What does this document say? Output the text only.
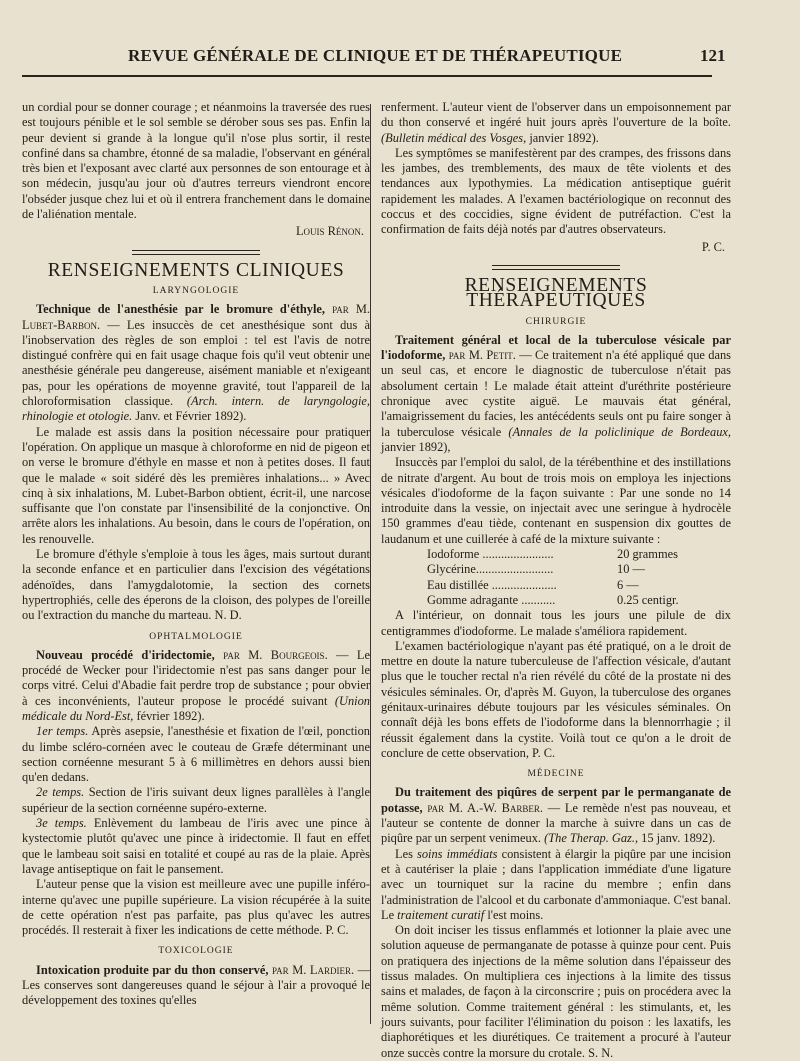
REVUE GÉNÉRALE DE CLINIQUE ET DE THÉRAPEUTIQUE	121

un cordial pour se donner courage ; et néanmoins la traversée des rues est toujours pénible et le sol semble se dérober sous ses pas. Enfin la peur devient si grande à la longue qu'il n'ose plus sortir, il reste confiné dans sa chambre, étonné de sa maladie, l'observant en général très bien et l'exposant avec clarté aux personnes de son entourage et à son médecin, jusqu'au jour où d'autres terreurs viendront encore l'obséder jusque chez lui et où il entrera franchement dans le domaine de l'aliénation mentale.

Louis Rénon.
RENSEIGNEMENTS CLINIQUES
LARYNGOLOGIE

Technique de l'anesthésie par le bromure d'éthyle, par M. Lubet-Barbon. — Les insuccès de cet anesthésique sont dus à l'inobservation des règles de son emploi : tel est l'avis de notre distingué confrère qui en fait usage chaque fois qu'il veut obtenir une anesthésie générale peu dangereuse, aisément maniable et n'exigeant pas, pour les opérations de moyenne gravité, tout l'appareil de la chloroformisation classique. (Arch. intern. de laryngologie, rhinologie et otologie. Janv. et Février 1892).

Le malade est assis dans la position nécessaire pour pratiquer l'opération. On applique un masque à chloroforme en nid de pigeon et on verse le bromure d'éthyle en masse et non à petites doses. Il faut que le malade « soit sidéré dès les premières inhalations... » Avec cinq à six inhalations, M. Lubet-Barbon obtient, écrit-il, une narcose suffisante que l'on constate par l'insensibilité de la conjonctive. On arrête alors les inhalations. Au besoin, dans le cours de l'opération, on les renouvelle.

Le bromure d'éthyle s'emploie à tous les âges, mais surtout durant la seconde enfance et en particulier dans l'excision des végétations adénoïdes, dans l'amygdalotomie, la section des cornets hypertrophiés, celle des éperons de la cloison, des polypes de l'oreille ou l'extraction du manche du marteau. N. D.

OPHTALMOLOGIE

Nouveau procédé d'iridectomie, par M. Bourgeois. — Le procédé de Wecker pour l'iridectomie n'est pas sans danger pour le corps vitré. Celui d'Abadie fait perdre trop de substance ; pour obvier à ces inconvénients, l'auteur propose le procédé suivant (Union médicale du Nord-Est, février 1892).

1er temps. Après asepsie, l'anesthésie et fixation de l'œil, ponction du limbe scléro-cornéen avec le couteau de Græfe déterminant une section cornéenne mesurant 5 à 6 millimètres en dehors aussi bien qu'en dedans.

2e temps. Section de l'iris suivant deux lignes parallèles à l'angle supérieur de la section cornéenne supéro-externe.

3e temps. Enlèvement du lambeau de l'iris avec une pince à kystectomie plutôt qu'avec une pince à iridectomie. Il faut en effet que le lambeau soit saisi en totalité et coupé au ras de la plaie. Après lavage antiseptique on fait le pansement.

L'auteur pense que la vision est meilleure avec une pupille inféro-interne qu'avec une pupille supérieure. La vision récupérée à la suite de cette opération n'est pas parfaite, pas plus qu'avec les autres procédés. Il resterait à fixer les indications de cette méthode. P. C.

TOXICOLOGIE

Intoxication produite par du thon conservé, par M. Lardier. — Les conserves sont dangereuses quand le séjour à l'air a provoqué le développement des toxines qu'elles

renferment. L'auteur vient de l'observer dans un empoisonnement par du thon conservé et ingéré huit jours après l'ouverture de la boîte. (Bulletin médical des Vosges, janvier 1892).

Les symptômes se manifestèrent par des crampes, des frissons dans les jambes, des tremblements, des maux de tête violents et des tendances aux lypothymies. La médication antiseptique guérit rapidement les malades. A l'examen bactériologique on reconnut des coccus et des coccidies, signe évident de putréfaction. C'est la confirmation de faits déjà notés par d'autres observateurs.

P. C.
RENSEIGNEMENTS THÉRAPEUTIQUES
CHIRURGIE

Traitement général et local de la tuberculose vésicale par l'iodoforme, par M. Petit. — Ce traitement n'a été appliqué que dans un seul cas, et encore le diagnostic de tuberculose n'était pas absolument certain ! Le malade était atteint d'uréthrite postérieure chronique avec cystite aiguë. Le mauvais état général, l'amaigrissement du facies, les antécédents seuls ont pu faire songer à la tuberculose vésicale (Annales de la policlinique de Bordeaux, janvier 1892),

Insuccès par l'emploi du salol, de la térébenthine et des instillations de nitrate d'argent. Au bout de trois mois on employa les injections vésicales d'iodoforme de la façon suivante : Par une sonde no 14 introduite dans la vessie, on injectait avec une seringue à hydrocèle 150 grammes d'eau tiède, contenant en suspension dix gouttes de laudanum et une cuillerée à café de la mixture suivante :

Iodoforme .......................	20 grammes
Glycérine.........................	10 —
Eau distillée .....................	6 —
Gomme adragante ...........	0.25 centigr.

A l'intérieur, on donnait tous les jours une pilule de dix centigrammes d'iodoforme. Le malade s'améliora rapidement.

L'examen bactériologique n'ayant pas été pratiqué, on a le droit de mettre en doute la nature tuberculeuse de l'affection vésicale, d'autant plus que le toucher rectal n'a rien révélé du côté de la prostate ni des vésicules séminales. Or, d'après M. Guyon, la tuberculose des organes génitaux-urinaires débute toujours par les vésicules séminales. On connaît déjà les bons effets de l'iodoforme dans la blennorrhagie ; il réussit également dans la cystite. Voilà tout ce qu'on a le droit de conclure de cette observation, P. C.

MÉDECINE

Du traitement des piqûres de serpent par le permanganate de potasse, par M. A.-W. Barber. — Le remède n'est pas nouveau, et l'auteur se contente de donner la marche à suivre dans un cas de piqûre par un serpent venimeux. (The Therap. Gaz., 15 janv. 1892).

Les soins immédiats consistent à élargir la piqûre par une incision et à cautériser la plaie ; dans l'application immédiate d'une ligature avec un tourniquet sur la racine du membre ; enfin dans l'administration de l'alcool et du carbonate d'ammoniaque. C'est banal. Le traitement curatif l'est moins.

On doit inciser les tissus enflammés et lotionner la plaie avec une solution aqueuse de permanganate de potasse à quinze pour cent. Puis on pratiquera des injections de la même solution dans l'épaisseur des tissus malades. On multipliera ces injections à la limite des tissus sains et malades, de façon à la circonscrire ; puis on procédera avec la même solution. Comme traitement général : les stimulants, et, les jours suivants, pour faciliter l'élimination du poison : les laxatifs, les diaphorétiques et les diurétiques. Ce traitement a procuré à l'auteur onze succès contre la morsure du crotale. S. N.
